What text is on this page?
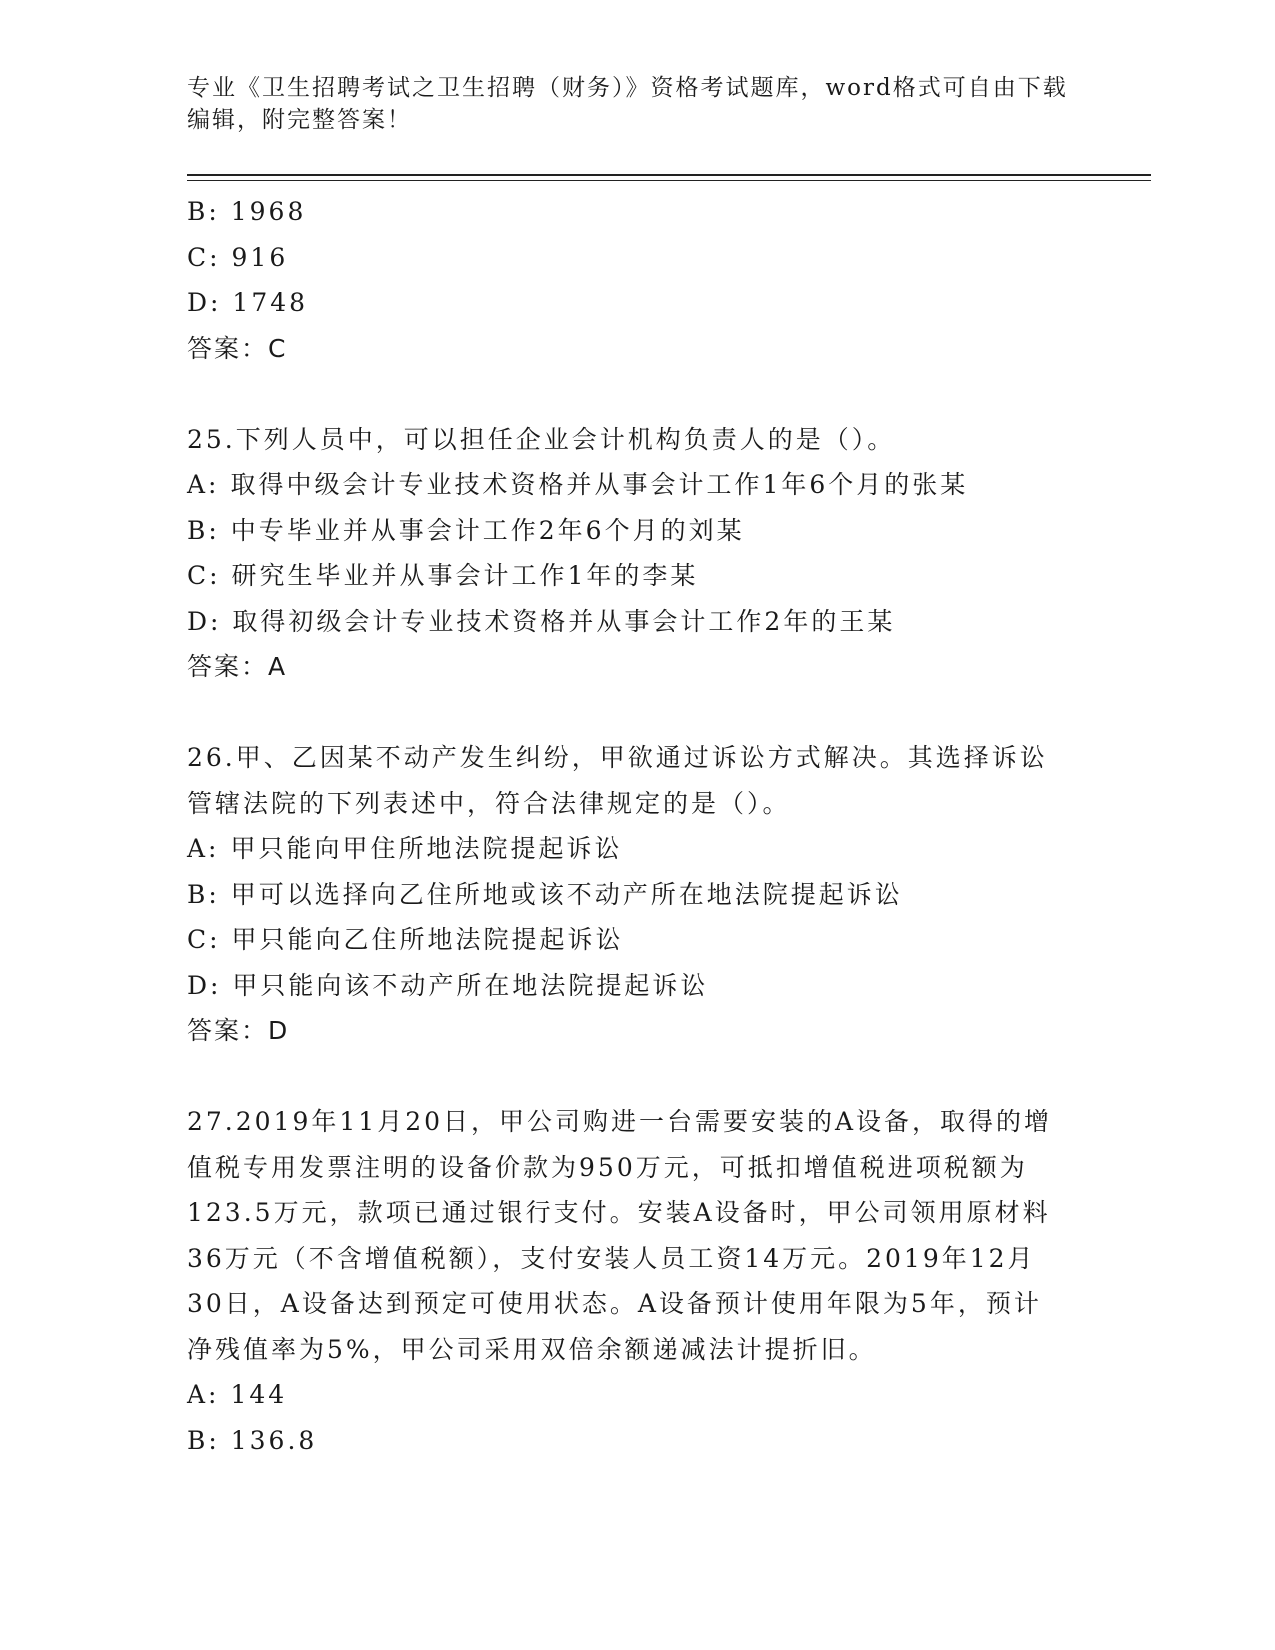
专业《卫生招聘考试之卫生招聘（财务）》资格考试题库，word格式可自由下载
编辑，附完整答案！
B: 1968
C: 916
D: 1748
答案：C
25.下列人员中，可以担任企业会计机构负责人的是（）。
A: 取得中级会计专业技术资格并从事会计工作1年6个月的张某
B: 中专毕业并从事会计工作2年6个月的刘某
C: 研究生毕业并从事会计工作1年的李某
D: 取得初级会计专业技术资格并从事会计工作2年的王某
答案：A
26.甲、乙因某不动产发生纠纷，甲欲通过诉讼方式解决。其选择诉讼
管辖法院的下列表述中，符合法律规定的是（）。
A: 甲只能向甲住所地法院提起诉讼
B: 甲可以选择向乙住所地或该不动产所在地法院提起诉讼
C: 甲只能向乙住所地法院提起诉讼
D: 甲只能向该不动产所在地法院提起诉讼
答案：D
27.2019年11月20日，甲公司购进一台需要安装的A设备，取得的增
值税专用发票注明的设备价款为950万元，可抵扣增值税进项税额为
123.5万元，款项已通过银行支付。安装A设备时，甲公司领用原材料
36万元（不含增值税额），支付安装人员工资14万元。2019年12月
30日，A设备达到预定可使用状态。A设备预计使用年限为5年，预计
净残值率为5%，甲公司采用双倍余额递减法计提折旧。
A: 144
B: 136.8
